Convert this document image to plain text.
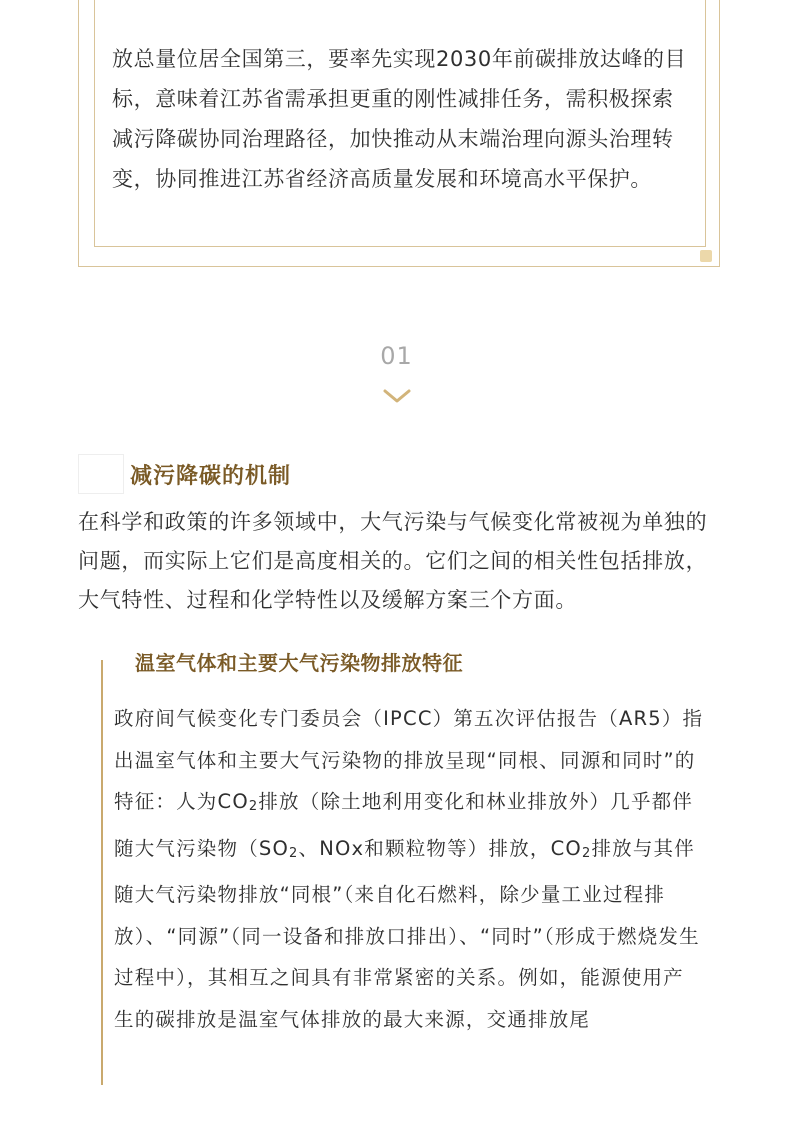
放总量位居全国第三，要率先实现2030年前碳排放达峰的目标，意味着江苏省需承担更重的刚性减排任务，需积极探索减污降碳协同治理路径，加快推动从末端治理向源头治理转变，协同推进江苏省经济高质量发展和环境高水平保护。

01
减污降碳的机制

在科学和政策的许多领域中，大气污染与气候变化常被视为单独的问题，而实际上它们是高度相关的。它们之间的相关性包括排放，大气特性、过程和化学特性以及缓解方案三个方面。

温室气体和主要大气污染物排放特征

政府间气候变化专门委员会（IPCC）第五次评估报告（AR5）指出温室气体和主要大气污染物的排放呈现“同根、同源和同时”的特征：人为$CO_2$排放（除土地利用变化和林业排放外）几乎都伴随大气污染物（$SO_2$、NOx和颗粒物等）排放，$CO_2$排放与其伴随大气污染物排放“同根”（来自化石燃料，除少量工业过程排放）、“同源”（同一设备和排放口排出）、“同时”（形成于燃烧发生过程中），其相互之间具有非常紧密的关系。例如，能源使用产生的碳排放是温室气体排放的最大来源，交通排放尾
